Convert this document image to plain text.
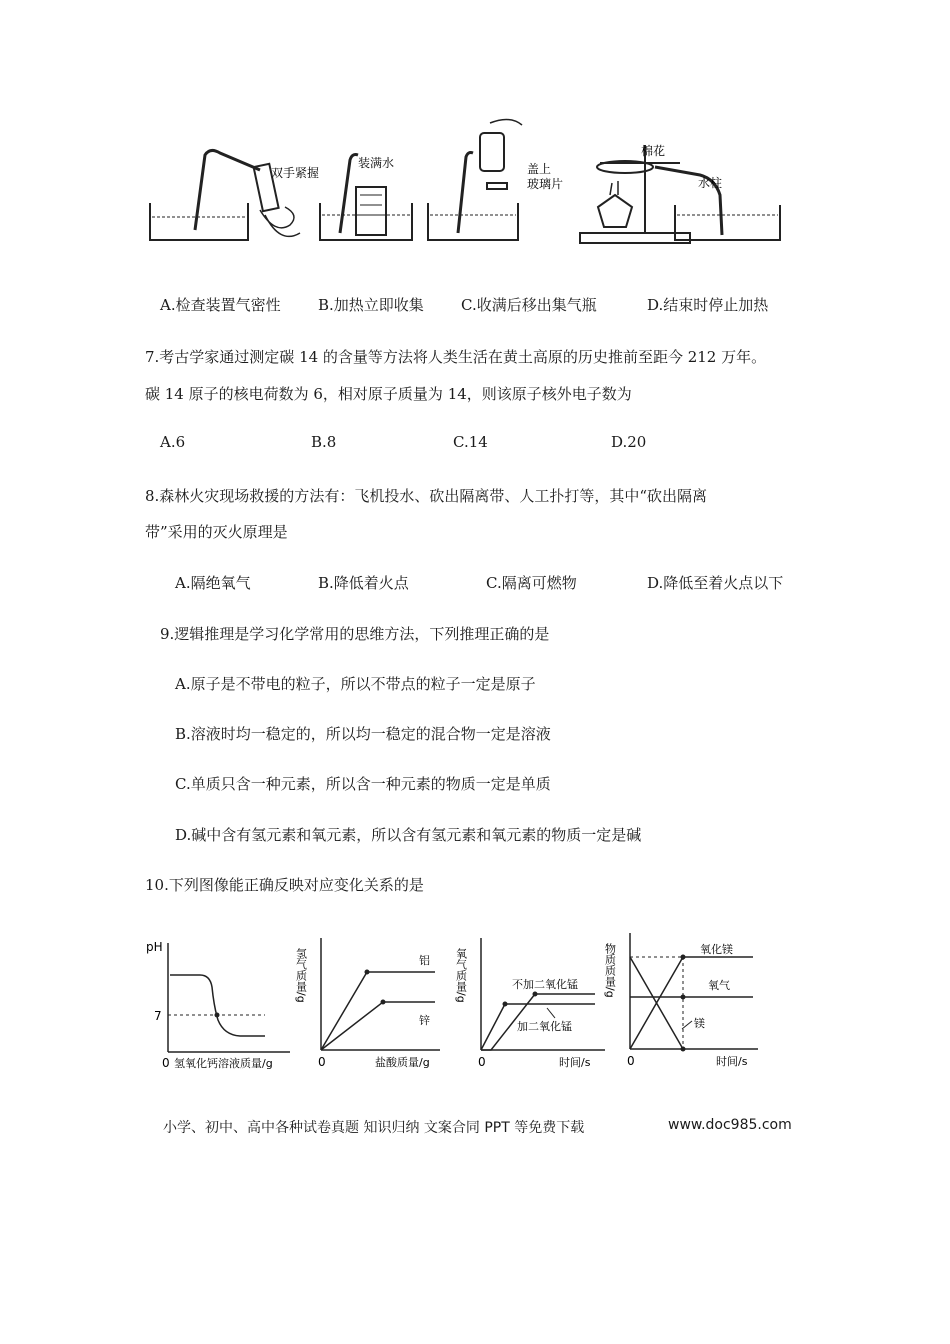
双手紧握
装满水	盖上
玻璃片
棉花
水柱
A.检查装置气密性 B.加热立即收集 C.收满后移出集气瓶	D.结束时停止加热
7.考古学家通过测定碳 14 的含量等方法将人类生活在黄土高原的历史推前至距今 212 万年。
碳 14 原子的核电荷数为 6，相对原子质量为 14，则该原子核外电子数为
A.6	B.8	C.14	D.20
8.森林火灾现场救援的方法有：飞机投水、砍出隔离带、人工扑打等，其中“砍出隔离
带”采用的灭火原理是
A.隔绝氧气	B.降低着火点	C.隔离可燃物	D.降低至着火点以下
9.逻辑推理是学习化学常用的思维方法，下列推理正确的是
A.原子是不带电的粒子，所以不带点的粒子一定是原子
B.溶液时均一稳定的，所以均一稳定的混合物一定是溶液
C.单质只含一种元素，所以含一种元素的物质一定是单质
D.碱中含有氢元素和氧元素，所以含有氢元素和氧元素的物质一定是碱
10.下列图像能正确反映对应变化关系的是
pH
0 氢氧化钙溶液质量/g
7
氢气质量/g
0	盐酸质量/g
铝
锌
氧气质量/g
0	时间/s
不加二氧化锰
加二氧化锰
物质质量/g
0	时间/s
氧化镁
氧气
镁
小学、初中、高中各种试卷真题 知识归纳 文案合同 PPT 等免费下载	www.doc985.com
